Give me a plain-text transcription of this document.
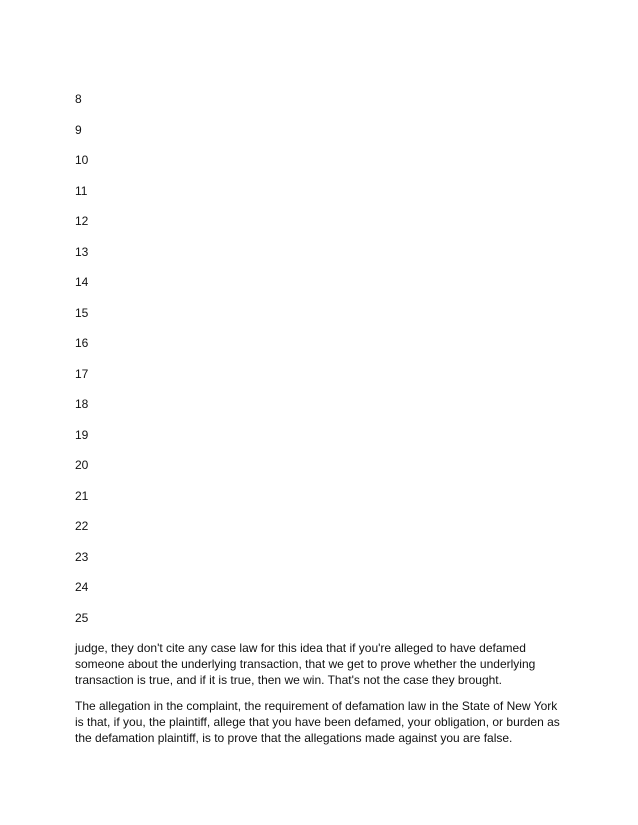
8
9
10
11
12
13
14
15
16
17
18
19
20
21
22
23
24
25

judge, they don't cite any case law for this idea that if you're alleged to have defamed someone about the underlying transaction, that we get to prove whether the underlying transaction is true, and if it is true, then we win. That's not the case they brought.

The allegation in the complaint, the requirement of defamation law in the State of New York is that, if you, the plaintiff, allege that you have been defamed, your obligation, or burden as the defamation plaintiff, is to prove that the allegations made against you are false.
